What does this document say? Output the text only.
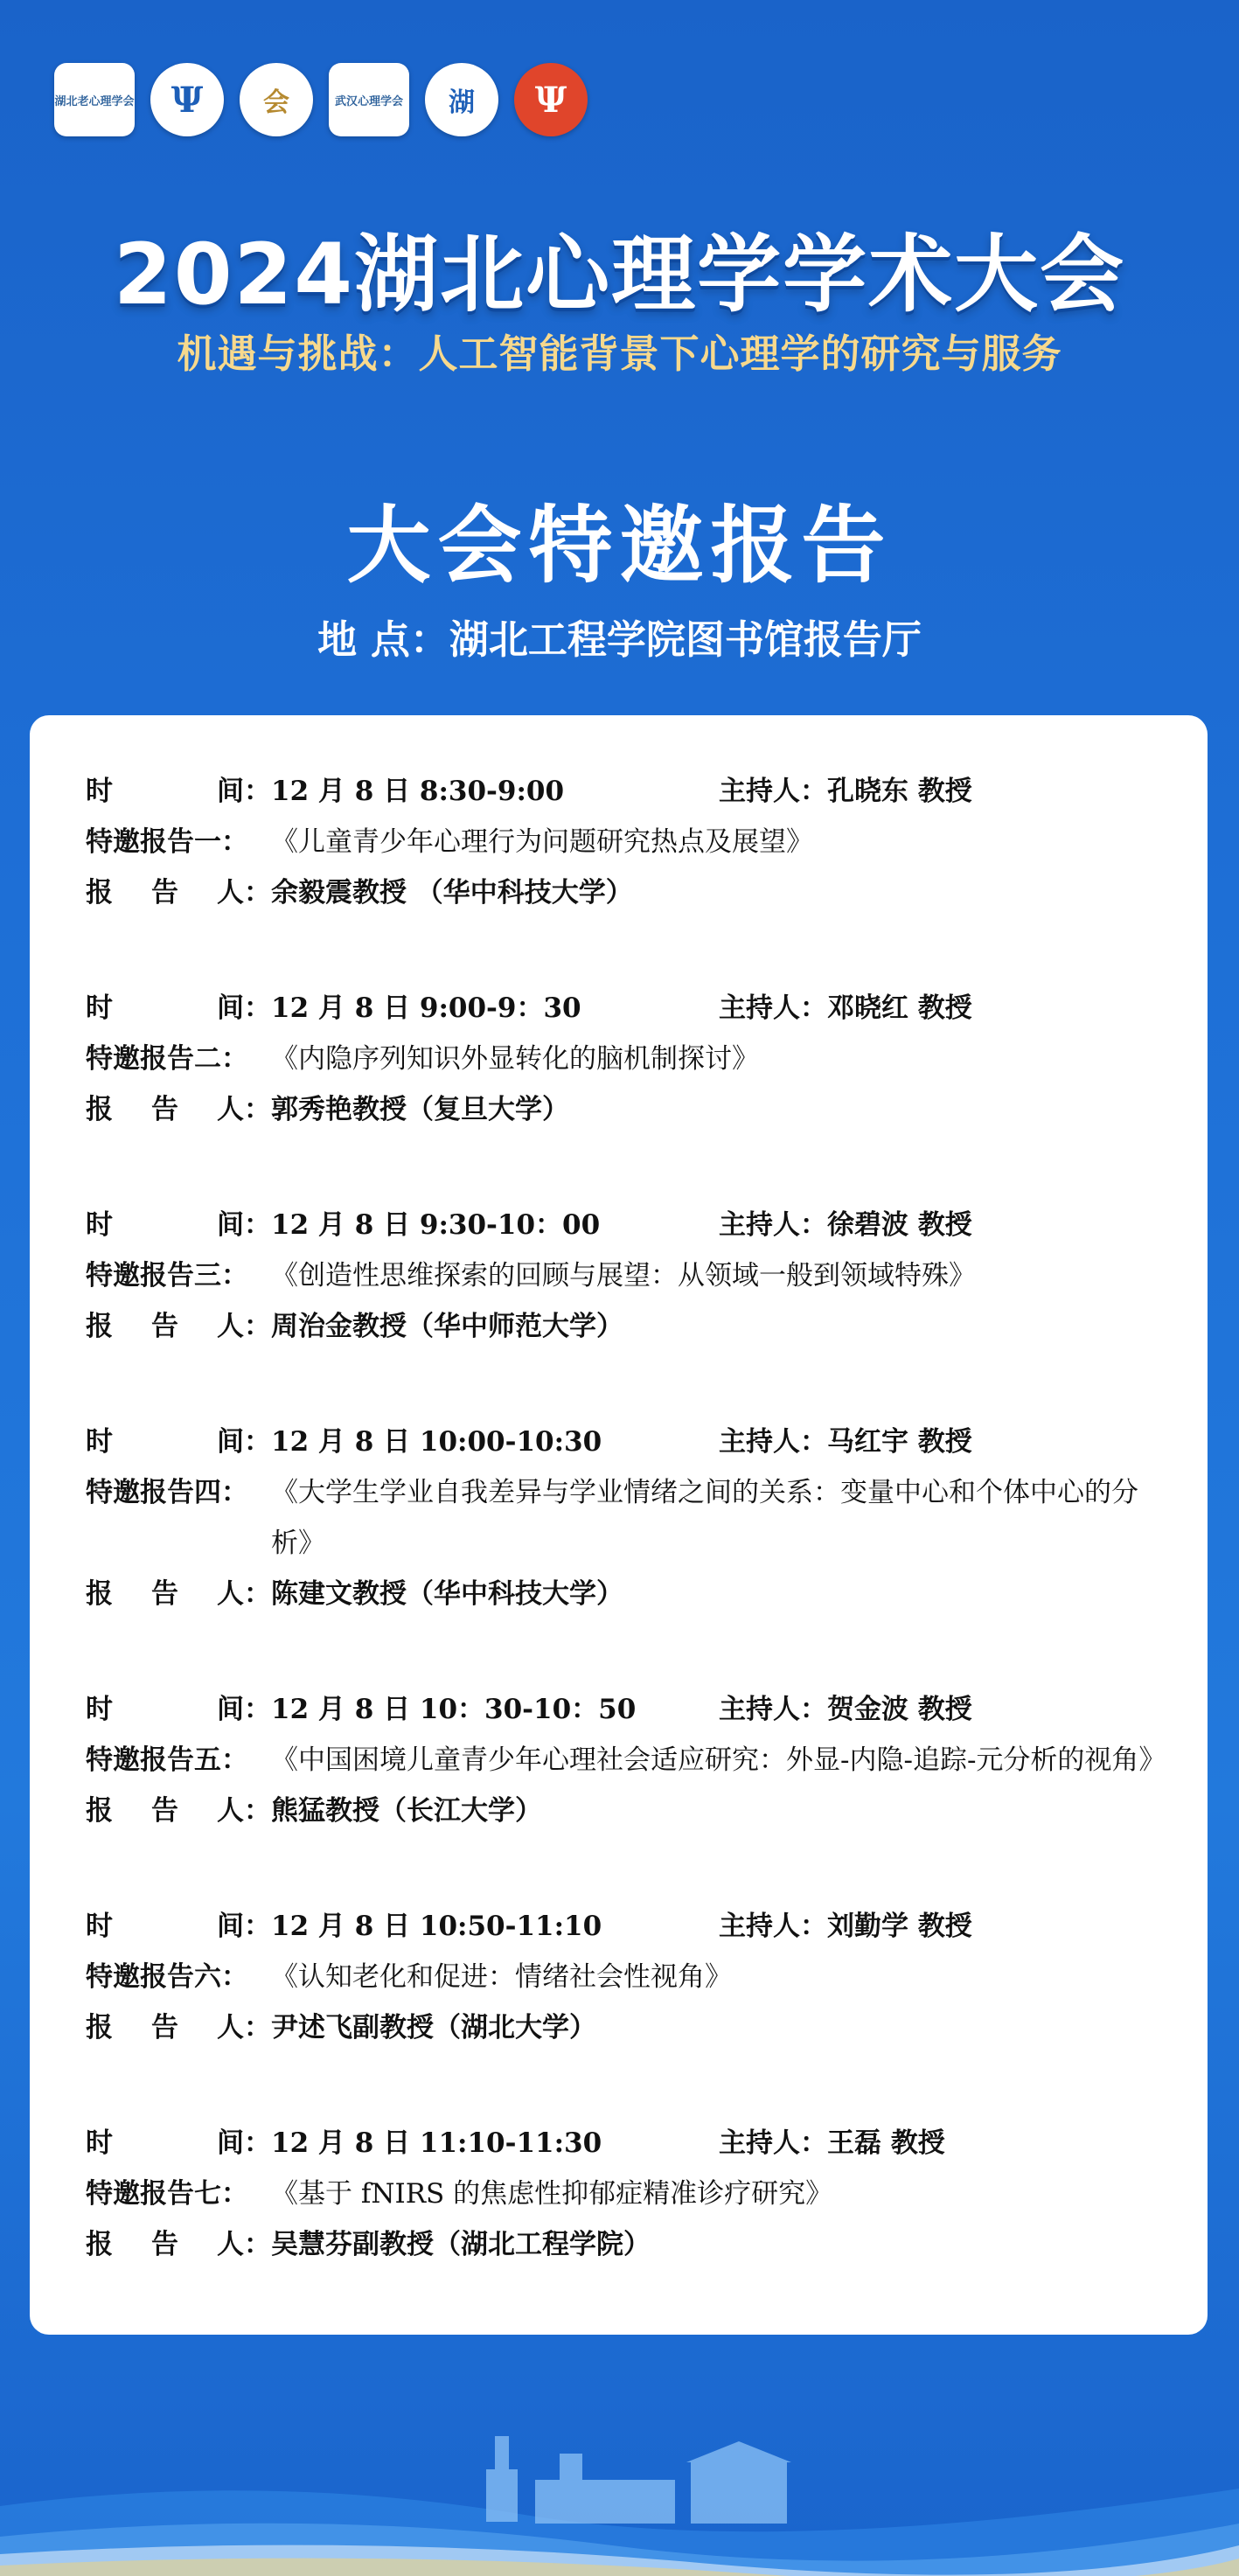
湖北老心理学会 Ψ 会	武汉心理学会 湖 Ψ
2024湖北心理学学术大会
机遇与挑战：人工智能背景下心理学的研究与服务
大会特邀报告
地 点：湖北工程学院图书馆报告厅
时	间： 12 月 8 日 8:30-9:00	主持人：孔晓东 教授
特邀报告一： 《儿童青少年心理行为问题研究热点及展望》
报 告 人： 余毅震教授 （华中科技大学）
时	间： 12 月 8 日 9:00-9：30	主持人：邓晓红 教授
特邀报告二： 《内隐序列知识外显转化的脑机制探讨》
报 告 人： 郭秀艳教授（复旦大学）
时	间： 12 月 8 日 9:30-10：00	主持人：徐碧波 教授
特邀报告三： 《创造性思维探索的回顾与展望：从领域一般到领域特殊》
报 告 人： 周治金教授（华中师范大学）
时	间： 12 月 8 日 10:00-10:30	主持人：马红宇 教授
特邀报告四： 《大学生学业自我差异与学业情绪之间的关系：变量中心和个体中心的分析》
报 告 人： 陈建文教授（华中科技大学）
时	间： 12 月 8 日 10：30-10：50	主持人：贺金波 教授
特邀报告五： 《中国困境儿童青少年心理社会适应研究：外显-内隐-追踪-元分析的视角》
报 告 人： 熊猛教授（长江大学）
时	间： 12 月 8 日 10:50-11:10	主持人：刘勤学 教授
特邀报告六： 《认知老化和促进：情绪社会性视角》
报 告 人： 尹述飞副教授（湖北大学）
时	间： 12 月 8 日 11:10-11:30	主持人：王磊 教授
特邀报告七： 《基于 fNIRS 的焦虑性抑郁症精准诊疗研究》
报 告 人： 吴慧芬副教授（湖北工程学院）
